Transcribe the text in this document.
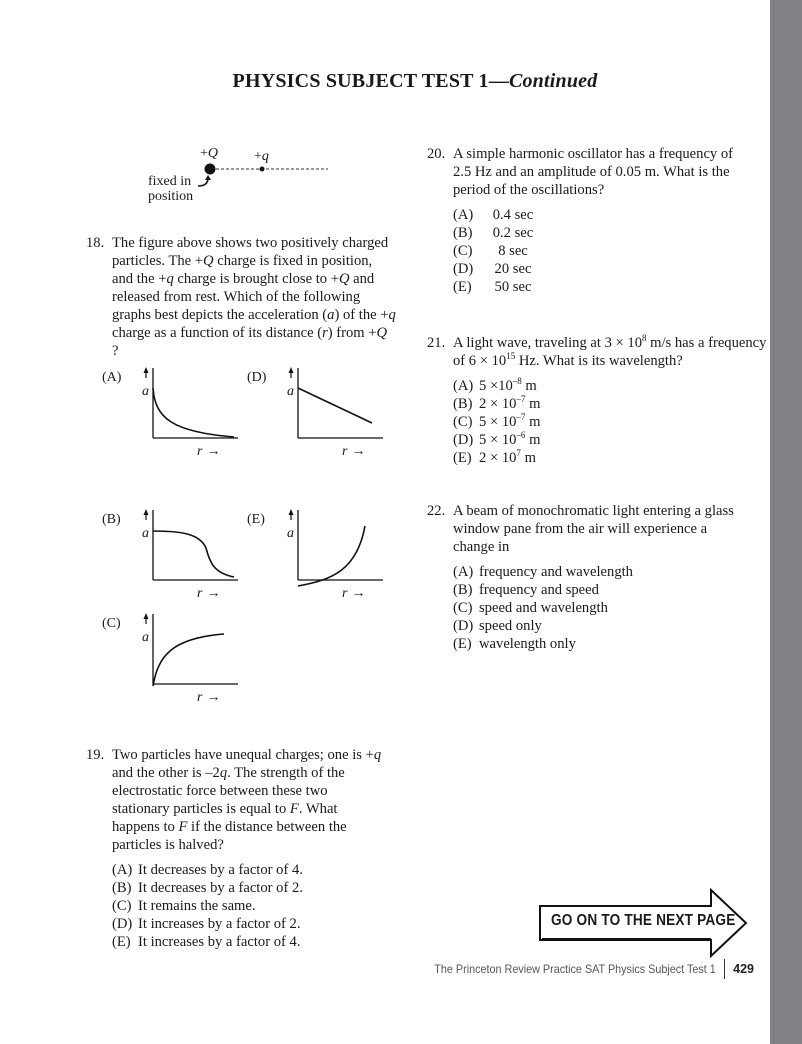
PHYSICS SUBJECT TEST 1—Continued
+Q	+q
fixed in
position
18. The figure above shows two positively charged particles. The +Q charge is fixed in position, and the +q charge is brought close to +Q and released from rest. Which of the following graphs best depicts the acceleration (a) of the +q charge as a function of its distance (r) from +Q ?
(A)
a
r →
(D)
a
r →
(B)
a
r →
(E)
a
r →
(C)
a
r →
19. Two particles have unequal charges; one is +q and the other is –2q. The strength of the electrostatic force between these two stationary particles is equal to F. What happens to F if the distance between the particles is halved?
(A) It decreases by a factor of 4.
(B) It decreases by a factor of 2.
(C) It remains the same.
(D) It increases by a factor of 2.
(E) It increases by a factor of 4.
20. A simple harmonic oscillator has a frequency of 2.5 Hz and an amplitude of 0.05 m. What is the period of the oscillations?
(A)	0.4 sec
(B)	0.2 sec
(C)	8 sec
(D)	20 sec
(E)	50 sec
21. A light wave, traveling at $3 \times 10^8$ m/s has a frequency of $6 \times 10^{15}$ Hz. What is its wavelength?
(A) $5 \times 10^{-8}$ m
(B) $2 \times 10^{-7}$ m
(C) $5 \times 10^{-7}$ m
(D) $5 \times 10^{-6}$ m
(E) $2 \times 10^7$ m
22. A beam of monochromatic light entering a glass window pane from the air will experience a change in
(A) frequency and wavelength
(B) frequency and speed
(C) speed and wavelength
(D) speed only
(E) wavelength only
GO ON TO THE NEXT PAGE
The Princeton Review Practice SAT Physics Subject Test 1 429
